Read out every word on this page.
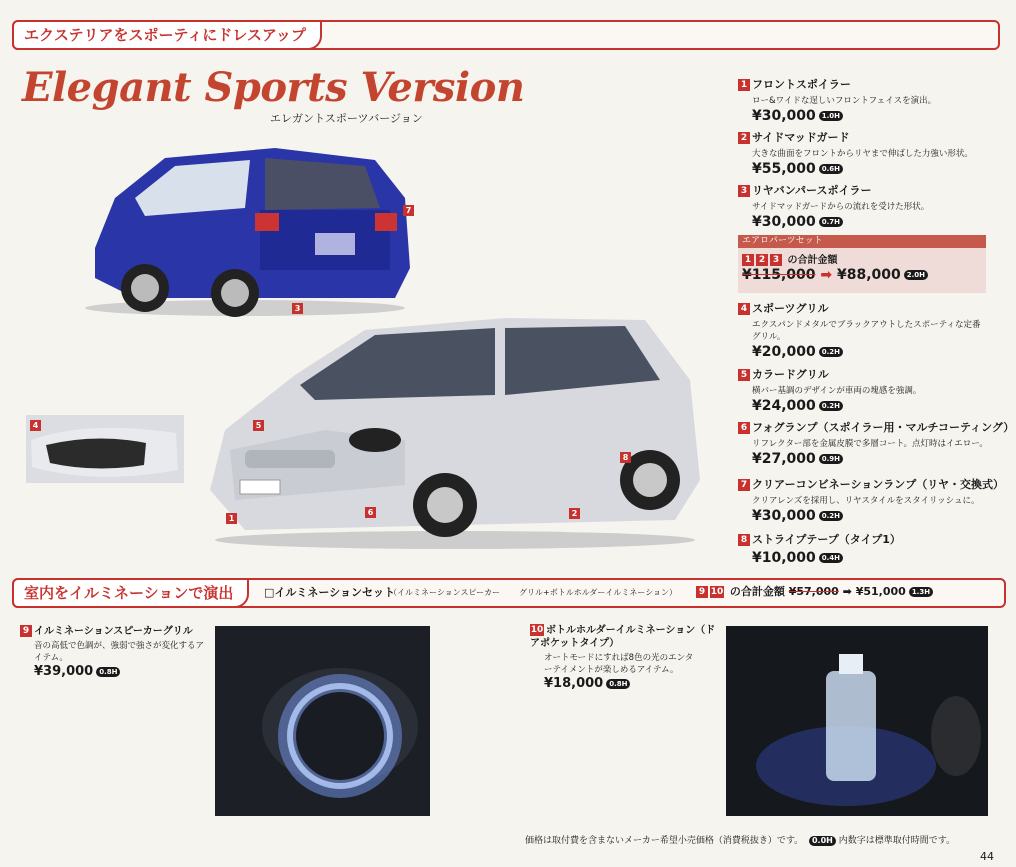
エクステリアをスポーティにドレスアップ
Elegant Sports Version
エレガントスポーツバージョン
7
3
4	5
1
6	2
8
1 フロントスポイラー
ロー&ワイドな逞しいフロントフェイスを演出。
¥30,000 1.0H
2 サイドマッドガード
大きな曲面をフロントからリヤまで伸ばした力強い形状。
¥55,000 0.6H
3 リヤバンパースポイラー
サイドマッドガードからの流れを受けた形状。
¥30,000 0.7H
エアロパーツセット
1 2 3 の合計金額
¥115,000 ➡ ¥88,000 2.0H
4 スポーツグリル
エクスパンドメタルでブラックアウトしたスポーティな定番グリル。
¥20,000 0.2H
5 カラードグリル
横バー基調のデザインが車両の塊感を強調。
¥24,000 0.2H
6 フォグランプ（スポイラー用・マルチコーティング）
リフレクター部を金属皮膜で多層コート。点灯時はイエロー。
¥27,000 0.9H
7 クリアーコンビネーションランプ（リヤ・交換式）
クリアレンズを採用し、リヤスタイルをスタイリッシュに。
¥30,000 0.2H
8 ストライプテープ（タイプ1）
¥10,000 0.4H
室内をイルミネーションで演出	□イルミネーションセット
（イルミネーションスピーカー グリル+ボトルホルダーイルミネーション）	9 10 の合計金額 ¥57,000 ➡ ¥51,000 1.3H
9 イルミネーションスピーカーグリル
音の高低で色調が、強弱で強さが変化するアイテム。
¥39,000 0.8H
10 ボトルホルダーイルミネーション（ドアポケットタイプ）
オートモードにすれば8色の光のエンターテイメントが楽しめるアイテム。
¥18,000 0.8H
価格は取付費を含まないメーカー希望小売価格（消費税抜き）です。 0.0H 内数字は標準取付時間です。
44
